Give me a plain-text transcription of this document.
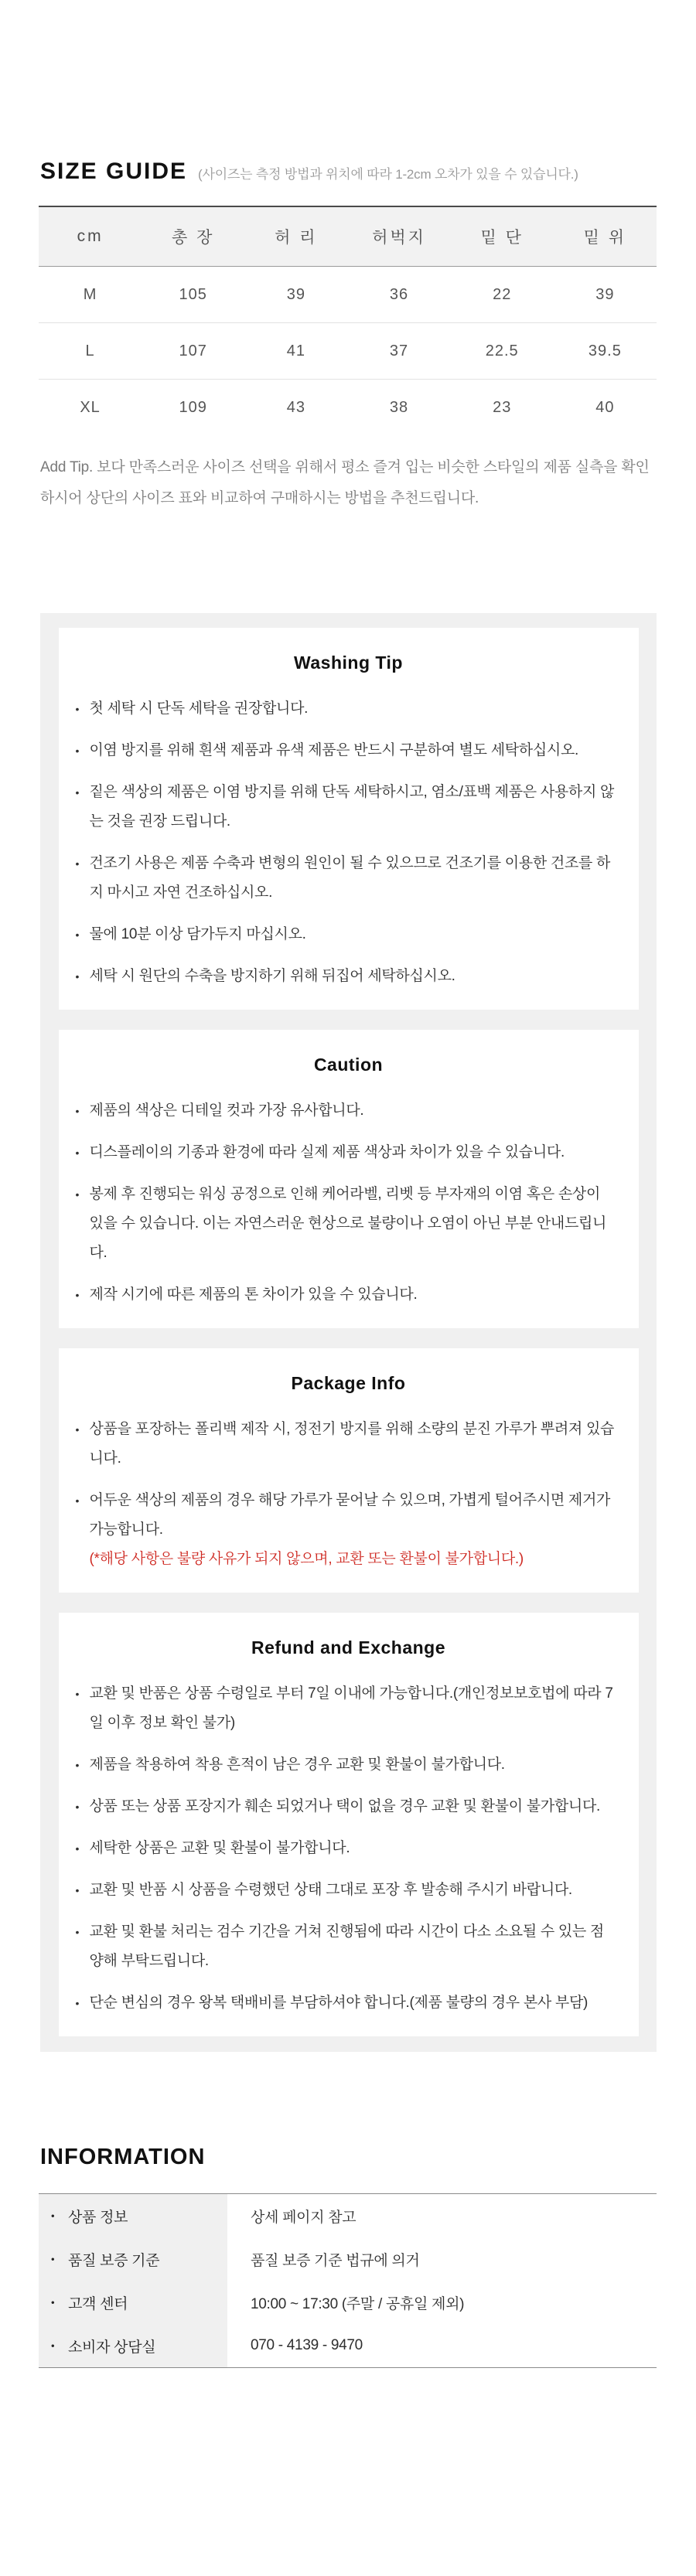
SIZE GUIDE (사이즈는 측정 방법과 위치에 따라 1-2cm 오차가 있을 수 있습니다.)
cm	총 장	허 리	허벅지	밑 단	밑 위
M	105	39	36	22	39
L	107	41	37	22.5	39.5
XL	109	43	38	23	40

Add Tip. 보다 만족스러운 사이즈 선택을 위해서 평소 즐겨 입는 비슷한 스타일의 제품 실측을 확인하시어 상단의 사이즈 표와 비교하여 구매하시는 방법을 추천드립니다.

Washing Tip
• 첫 세탁 시 단독 세탁을 권장합니다.
• 이염 방지를 위해 흰색 제품과 유색 제품은 반드시 구분하여 별도 세탁하십시오.
• 짙은 색상의 제품은 이염 방지를 위해 단독 세탁하시고, 염소/표백 제품은 사용하지 않는 것을 권장 드립니다.
• 건조기 사용은 제품 수축과 변형의 원인이 될 수 있으므로 건조기를 이용한 건조를 하지 마시고 자연 건조하십시오.
• 물에 10분 이상 담가두지 마십시오.
• 세탁 시 원단의 수축을 방지하기 위해 뒤집어 세탁하십시오.
Caution
• 제품의 색상은 디테일 컷과 가장 유사합니다.
• 디스플레이의 기종과 환경에 따라 실제 제품 색상과 차이가 있을 수 있습니다.
• 봉제 후 진행되는 워싱 공정으로 인해 케어라벨, 리벳 등 부자재의 이염 혹은 손상이 있을 수 있습니다. 이는 자연스러운 현상으로 불량이나 오염이 아닌 부분 안내드립니다.
• 제작 시기에 따른 제품의 톤 차이가 있을 수 있습니다.
Package Info
• 상품을 포장하는 폴리백 제작 시, 정전기 방지를 위해 소량의 분진 가루가 뿌려져 있습니다.
• 어두운 색상의 제품의 경우 해당 가루가 묻어날 수 있으며, 가볍게 털어주시면 제거가 가능합니다.
(*해당 사항은 불량 사유가 되지 않으며, 교환 또는 환불이 불가합니다.)
Refund and Exchange
• 교환 및 반품은 상품 수령일로 부터 7일 이내에 가능합니다.(개인정보보호법에 따라 7일 이후 정보 확인 불가)
• 제품을 착용하여 착용 흔적이 남은 경우 교환 및 환불이 불가합니다.
• 상품 또는 상품 포장지가 훼손 되었거나 택이 없을 경우 교환 및 환불이 불가합니다.
• 세탁한 상품은 교환 및 환불이 불가합니다.
• 교환 및 반품 시 상품을 수령했던 상태 그대로 포장 후 발송해 주시기 바랍니다.
• 교환 및 환불 처리는 검수 기간을 거쳐 진행됨에 따라 시간이 다소 소요될 수 있는 점 양해 부탁드립니다.
• 단순 변심의 경우 왕복 택배비를 부담하셔야 합니다.(제품 불량의 경우 본사 부담)
INFORMATION
• 상품 정보	상세 페이지 참고
• 품질 보증 기준	품질 보증 기준 법규에 의거
• 고객 센터	10:00 ~ 17:30 (주말 / 공휴일 제외)
• 소비자 상담실	070 - 4139 - 9470
